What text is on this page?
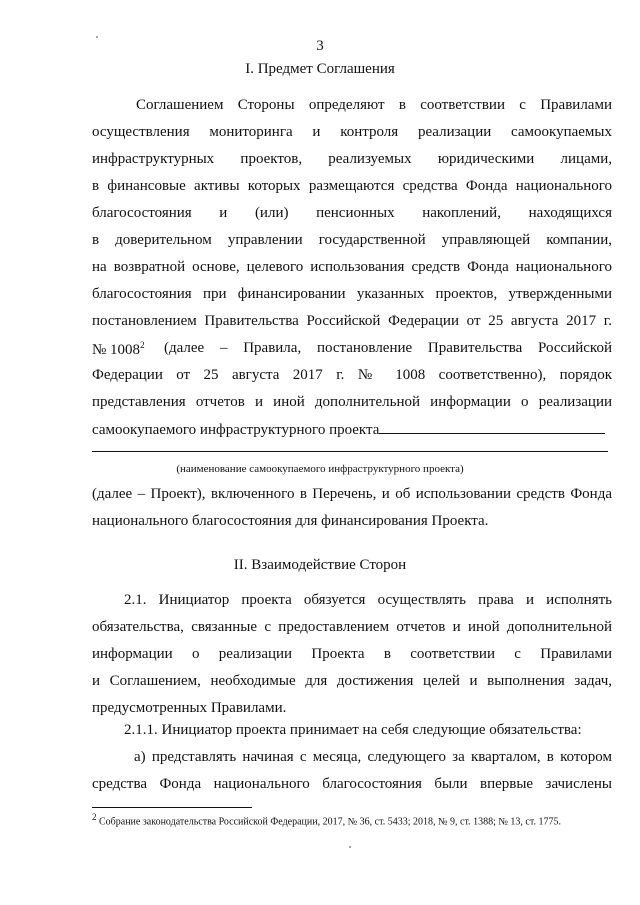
3
I. Предмет Соглашения
Соглашением Стороны определяют в соответствии с Правилами
осуществления мониторинга и контроля реализации самоокупаемых
инфраструктурных проектов, реализуемых юридическими лицами,
в финансовые активы которых размещаются средства Фонда национального
благосостояния и (или) пенсионных накоплений, находящихся
в доверительном управлении государственной управляющей компании,
на возвратной основе, целевого использования средств Фонда национального
благосостояния при финансировании указанных проектов, утвержденными
постановлением Правительства Российской Федерации от 25 августа 2017 г.
№ 1008$^2$ (далее – Правила, постановление Правительства Российской
Федерации от 25 августа 2017 г. № 1008 соответственно), порядок
представления отчетов и иной дополнительной информации о реализации
самоокупаемого инфраструктурного проекта
(наименование самоокупаемого инфраструктурного проекта)
(далее – Проект), включенного в Перечень, и об использовании средств Фонда
национального благосостояния для финансирования Проекта.
II. Взаимодействие Сторон
2.1. Инициатор проекта обязуется осуществлять права и исполнять
обязательства, связанные с предоставлением отчетов и иной дополнительной
информации о реализации Проекта в соответствии с Правилами
и Соглашением, необходимые для достижения целей и выполнения задач,
предусмотренных Правилами.
2.1.1. Инициатор проекта принимает на себя следующие обязательства:
а) представлять начиная с месяца, следующего за кварталом, в котором
средства Фонда национального благосостояния были впервые зачислены
$^2$ Собрание законодательства Российской Федерации, 2017, № 36, ст. 5433; 2018, № 9, ст. 1388; № 13, ст. 1775.
